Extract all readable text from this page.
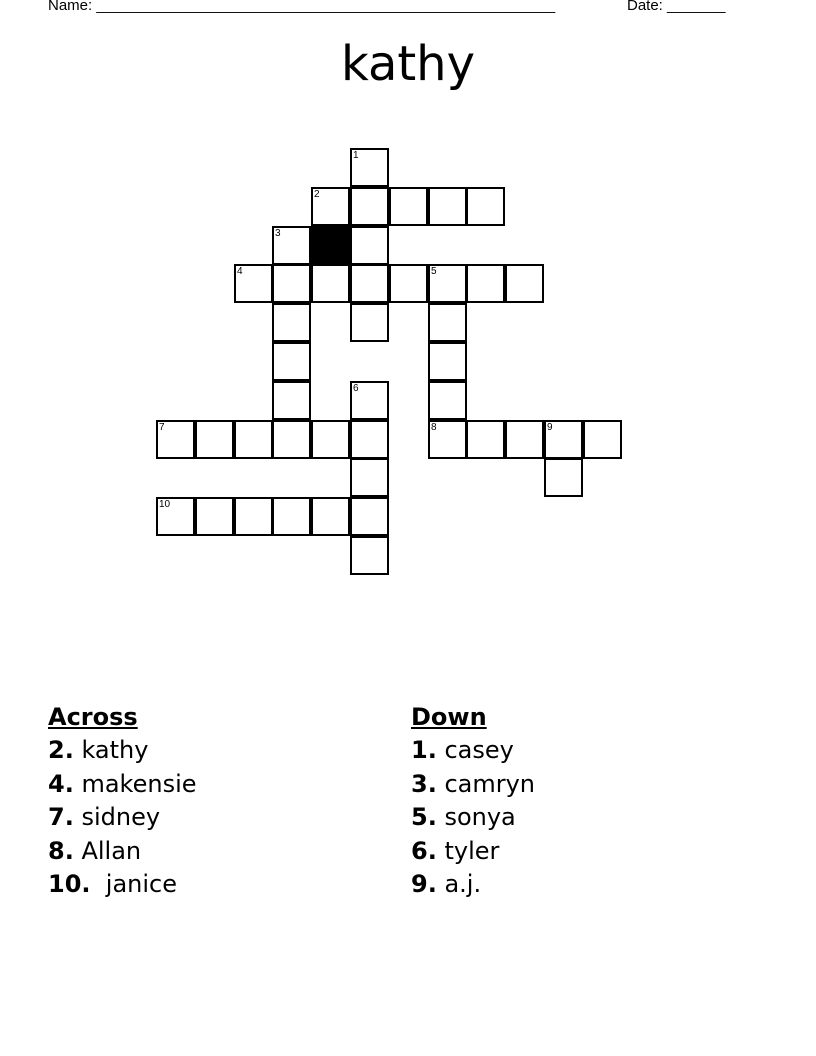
Name: _______________________________________________________	Date: _______
kathy
1
2
3
4	5
6
7	8	9
10
Across
2. kathy
4. makensie
7. sidney
8. Allan
10.  janice
Down
1. casey
3. camryn
5. sonya
6. tyler
9. a.j.
